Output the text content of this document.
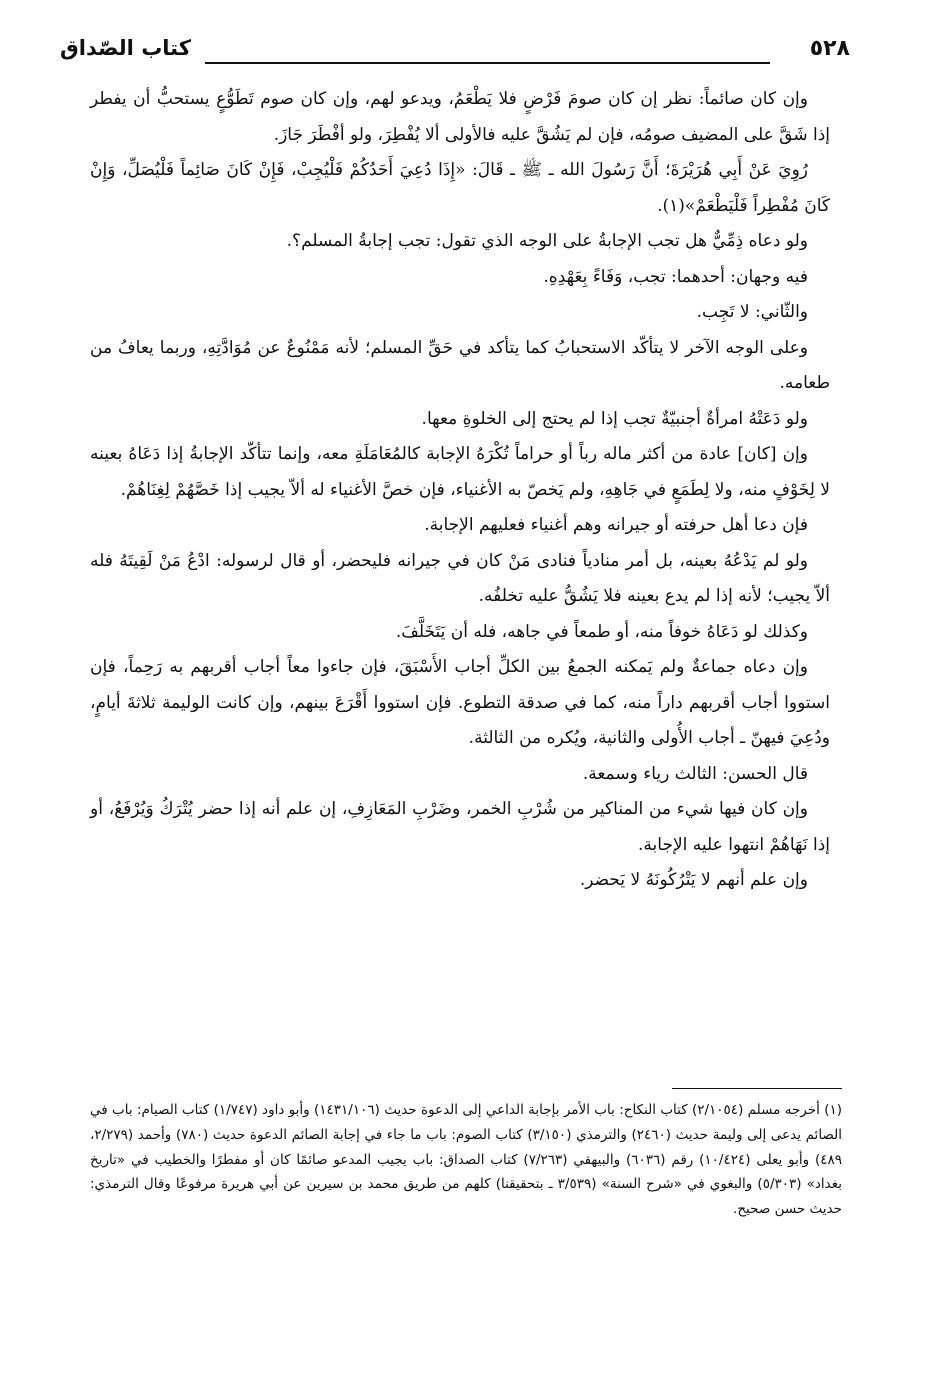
٥٢٨
كتاب الصّداق

وإن كان صائماً: نظر إن كان صومَ فَرْضٍ فلا يَطْعَمُ، ويدعو لهم، وإن كان صوم تَطَوُّعٍ يستحبُّ أن يفطر إذا شَقَّ على المضيف صومُه، فإن لم يَشُقَّ عليه فالأولى ألا يُفْطِرَ، ولو أفْطَرَ جَازَ.

رُوِيَ عَنْ أَبِي هُرَيْرَةَ؛ أَنَّ رَسُولَ الله ـ ﷺ ـ قَالَ: «إِذَا دُعِيَ أَحَدُكُمْ فَلْيُجِبْ، فَإِنْ كَانَ صَائِماً فَلْيُصَلِّ، وَإِنْ كَانَ مُفْطِراً فَلْيَطْعَمْ»(١).

ولو دعاه ذِمِّيٌّ هل تجب الإجابةُ على الوجه الذي تقول: تجب إجابةُ المسلم؟.

فيه وجهان: أحدهما: تجب، وَفَاءً بِعَهْدِهِ.

والثّاني: لا تَجِب.

وعلى الوجه الآخر لا يتأكّد الاستحبابُ كما يتأكد في حَقِّ المسلم؛ لأنه مَمْنُوعٌ عن مُوَادَّتِهِ، وربما يعافُ من طعامه.

ولو دَعَتْهُ امرأةٌ أجنبيّةٌ تجب إذا لم يحتج إلى الخلوةِ معها.

وإن [كان] عادة من أكثر ماله رباً أو حراماً تُكْرَهُ الإجابة كالمُعَامَلَةِ معه، وإنما تتأكّد الإجابةُ إذا دَعَاهُ بعينه لا لِخَوْفٍ منه، ولا لِطَمَعٍ في جَاهِهِ، ولم يَخصّ به الأغنياء، فإن خصَّ الأغنياء له ألاّ يجيب إذا خَصَّهُمْ لِغِنَاهُمْ.

فإن دعا أهل حرفته أو جيرانه وهم أغنياء فعليهم الإجابة.

ولو لم يَدْعُهُ بعينه، بل أمر منادياً فنادى مَنْ كان في جيرانه فليحضر، أو قال لرسوله: ادْعُ مَنْ لَقِيتَهُ فله ألاّ يجيب؛ لأنه إذا لم يدع بعينه فلا يَشُقُّ عليه تخلفُه.

وكذلك لو دَعَاهُ خوفاً منه، أو طمعاً في جاهه، فله أن يَتَخَلَّفَ.

وإن دعاه جماعةٌ ولم يَمكنه الجمعُ بين الكلِّ أجاب الأَسْبَقَ، فإن جاءوا معاً أجاب أقربهم به رَحِماً، فإن استووا أجاب أقربهم داراً منه، كما في صدقة التطوع. فإن استووا أَقْرَعَ بينهم، وإن كانت الوليمة ثلاثةَ أيامٍ، ودُعِيَ فيهنّ ـ أجاب الأُولى والثانية، ويُكره من الثالثة.

قال الحسن: الثالث رياء وسمعة.

وإن كان فيها شيء من المناكير من شُرْبِ الخمر، وضَرْبِ المَعَازِفِ، إن علم أنه إذا حضر يُتْرَكُ وَيُرْفَعُ، أو إذا نَهَاهُمْ انتهوا عليه الإجابة.

وإن علم أنهم لا يَتْرُكُونَهُ لا يَحضر.

(١) أخرجه مسلم (٢/١٠٥٤) كتاب النكاح: باب الأمر بإجابة الداعي إلى الدعوة حديث (١٤٣١/١٠٦) وأبو داود (١/٧٤٧) كتاب الصيام: باب في الصائم يدعى إلى وليمة حديث (٢٤٦٠) والترمذي (٣/١٥٠) كتاب الصوم: باب ما جاء في إجابة الصائم الدعوة حديث (٧٨٠) وأحمد (٢/٢٧٩، ٤٨٩) وأبو يعلى (١٠/٤٢٤) رقم (٦٠٣٦) والبيهقي (٧/٢٦٣) كتاب الصداق: باب يجيب المدعو صائمًا كان أو مفطرًا والخطيب في «تاريخ بغداد» (٥/٣٠٣) والبغوي في «شرح السنة» (٣/٥٣٩ ـ بتحقيقنا) كلهم من طريق محمد بن سيرين عن أبي هريرة مرفوعًا وقال الترمذي: حديث حسن صحيح.
